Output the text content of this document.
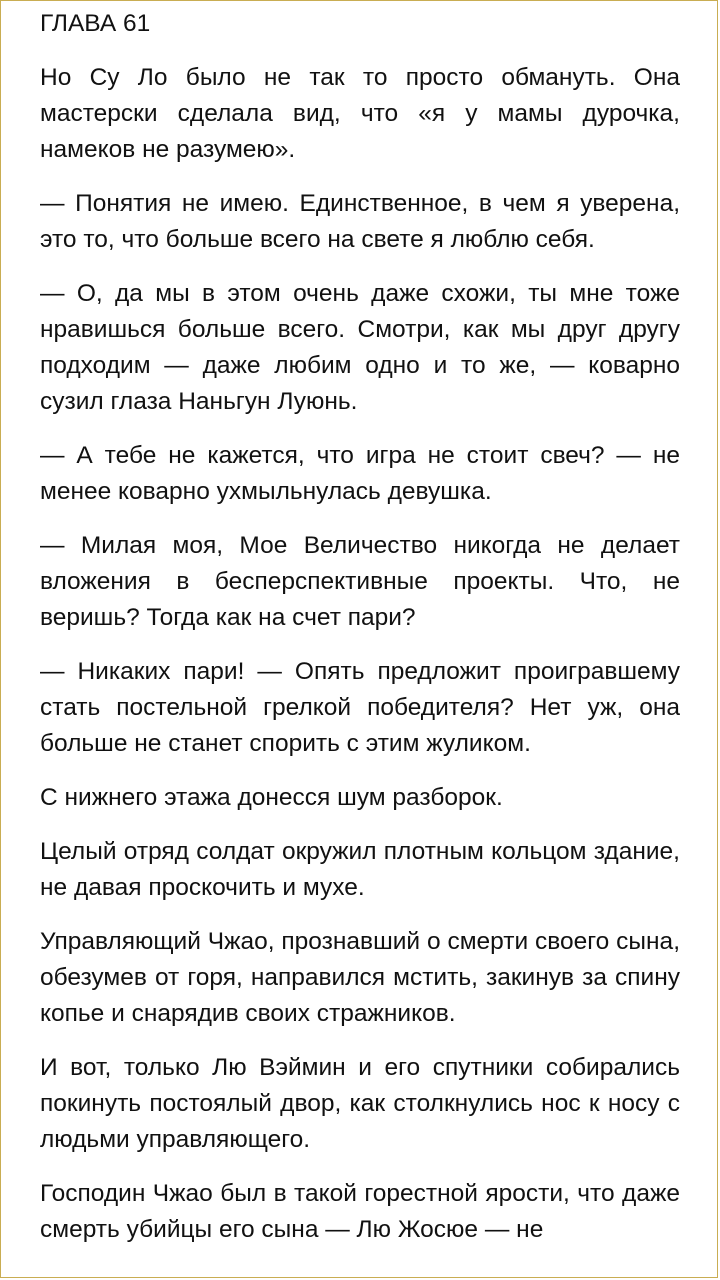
ГЛАВА 61

Но Су Ло было не так то просто обмануть. Она мастерски сделала вид, что «я у мамы дурочка, намеков не разумею».

— Понятия не имею. Единственное, в чем я уверена, это то, что больше всего на свете я люблю себя.

— О, да мы в этом очень даже схожи, ты мне тоже нравишься больше всего. Смотри, как мы друг другу подходим — даже любим одно и то же, — коварно сузил глаза Наньгун Луюнь.

— А тебе не кажется, что игра не стоит свеч? — не менее коварно ухмыльнулась девушка.

— Милая моя, Мое Величество никогда не делает вложения в бесперспективные проекты. Что, не веришь? Тогда как на счет пари?

— Никаких пари! — Опять предложит проигравшему стать постельной грелкой победителя? Нет уж, она больше не станет спорить с этим жуликом.

С нижнего этажа донесся шум разборок.

Целый отряд солдат окружил плотным кольцом здание, не давая проскочить и мухе.

Управляющий Чжао, прознавший о смерти своего сына, обезумев от горя, направился мстить, закинув за спину копье и снарядив своих стражников.

И вот, только Лю Вэймин и его спутники собирались покинуть постоялый двор, как столкнулись нос к носу с людьми управляющего.

Господин Чжао был в такой горестной ярости, что даже смерть убийцы его сына — Лю Жосюе — не
